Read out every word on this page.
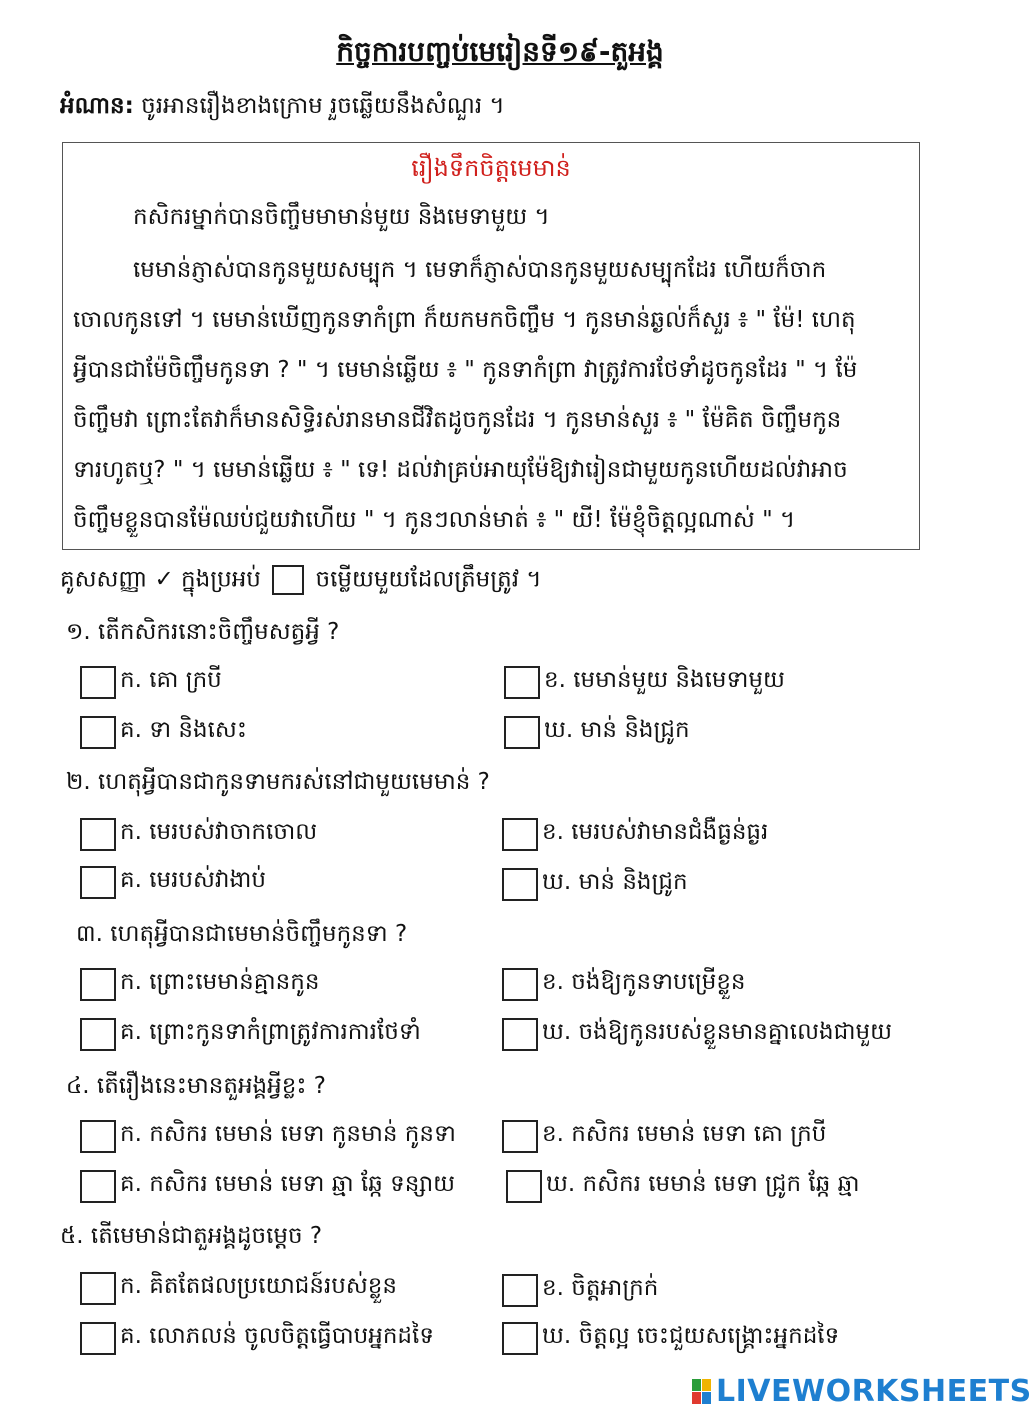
កិច្ចការបញ្ចប់មេរៀនទី១៩-តួអង្គ
អំណាន: ចូរអានរឿងខាងក្រោម រួចឆ្លើយនឹងសំណួរ ។
រឿងទឹកចិត្តមេមាន់
កសិករម្នាក់បានចិញ្ចឹមមាមាន់មួយ និងមេទាមួយ ។
មេមាន់ភ្ញាស់បានកូនមួយសម្បុក ។ មេទាក៏ភ្ញាស់បានកូនមួយសម្បុកដែរ ហើយក៏ចាក
ចោលកូនទៅ ។ មេមាន់ឃើញកូនទាកំព្រា ក៏យកមកចិញ្ចឹម ។ កូនមាន់ឆ្ងល់ក៏សួរ ៖ " ម៉ែ! ហេតុ
អ្វីបានជាម៉ែចិញ្ចឹមកូនទា ? " ។ មេមាន់ឆ្លើយ ៖ " កូនទាកំព្រា វាត្រូវការថែទាំដូចកូនដែរ " ។ ម៉ែ
ចិញ្ចឹមវា ព្រោះតែវាក៏មានសិទ្ធិរស់រានមានជីវិតដូចកូនដែរ ។ កូនមាន់សួរ ៖ " ម៉ែគិត ចិញ្ចឹមកូន
ទារហូតឬ? " ។ មេមាន់ឆ្លើយ ៖ " ទេ! ដល់វាគ្រប់អាយុម៉ែឱ្យវារៀនជាមួយកូនហើយដល់វាអាច
ចិញ្ចឹមខ្លួនបានម៉ែឈប់ជួយវាហើយ " ។ កូនៗលាន់មាត់ ៖ " យី! ម៉ែខ្ញុំចិត្តល្អណាស់ " ។
គូសសញ្ញា ✓ ក្នុងប្រអប់ ចម្លើយមួយដែលត្រឹមត្រូវ ។
១. តើកសិករនោះចិញ្ចឹមសត្វអ្វី ?
ក. គោ ក្របី	ខ. មេមាន់មួយ និងមេទាមួយ
គ. ទា និងសេះ	ឃ. មាន់ និងជ្រូក
២. ហេតុអ្វីបានជាកូនទាមករស់នៅជាមួយមេមាន់ ?
ក. មេរបស់វាចាកចោល	ខ. មេរបស់វាមានជំងឺធ្ងន់ធ្ងរ
គ. មេរបស់វាងាប់	ឃ. មាន់ និងជ្រូក
៣. ហេតុអ្វីបានជាមេមាន់ចិញ្ចឹមកូនទា ?
ក. ព្រោះមេមាន់គ្មានកូន	ខ. ចង់ឱ្យកូនទាបម្រើខ្លួន
គ. ព្រោះកូនទាកំព្រាត្រូវការការថែទាំ	ឃ. ចង់ឱ្យកូនរបស់ខ្លួនមានគ្នាលេងជាមួយ
៤. តើរឿងនេះមានតួអង្គអ្វីខ្លះ ?
ក. កសិករ មេមាន់ មេទា កូនមាន់ កូនទា	ខ. កសិករ មេមាន់ មេទា គោ ក្របី
គ. កសិករ មេមាន់ មេទា ឆ្មា ឆ្កែ ទន្សាយ	ឃ. កសិករ មេមាន់ មេទា ជ្រូក ឆ្កែ ឆ្មា
៥. តើមេមាន់ជាតួអង្គដូចម្ដេច ?
ក. គិតតែផលប្រយោជន៍របស់ខ្លួន	ខ. ចិត្តអាក្រក់
គ. លោភលន់ ចូលចិត្តធ្វើបាបអ្នកដទៃ	ឃ. ចិត្តល្អ ចេះជួយសង្គ្រោះអ្នកដទៃ
LIVEWORKSHEETS
